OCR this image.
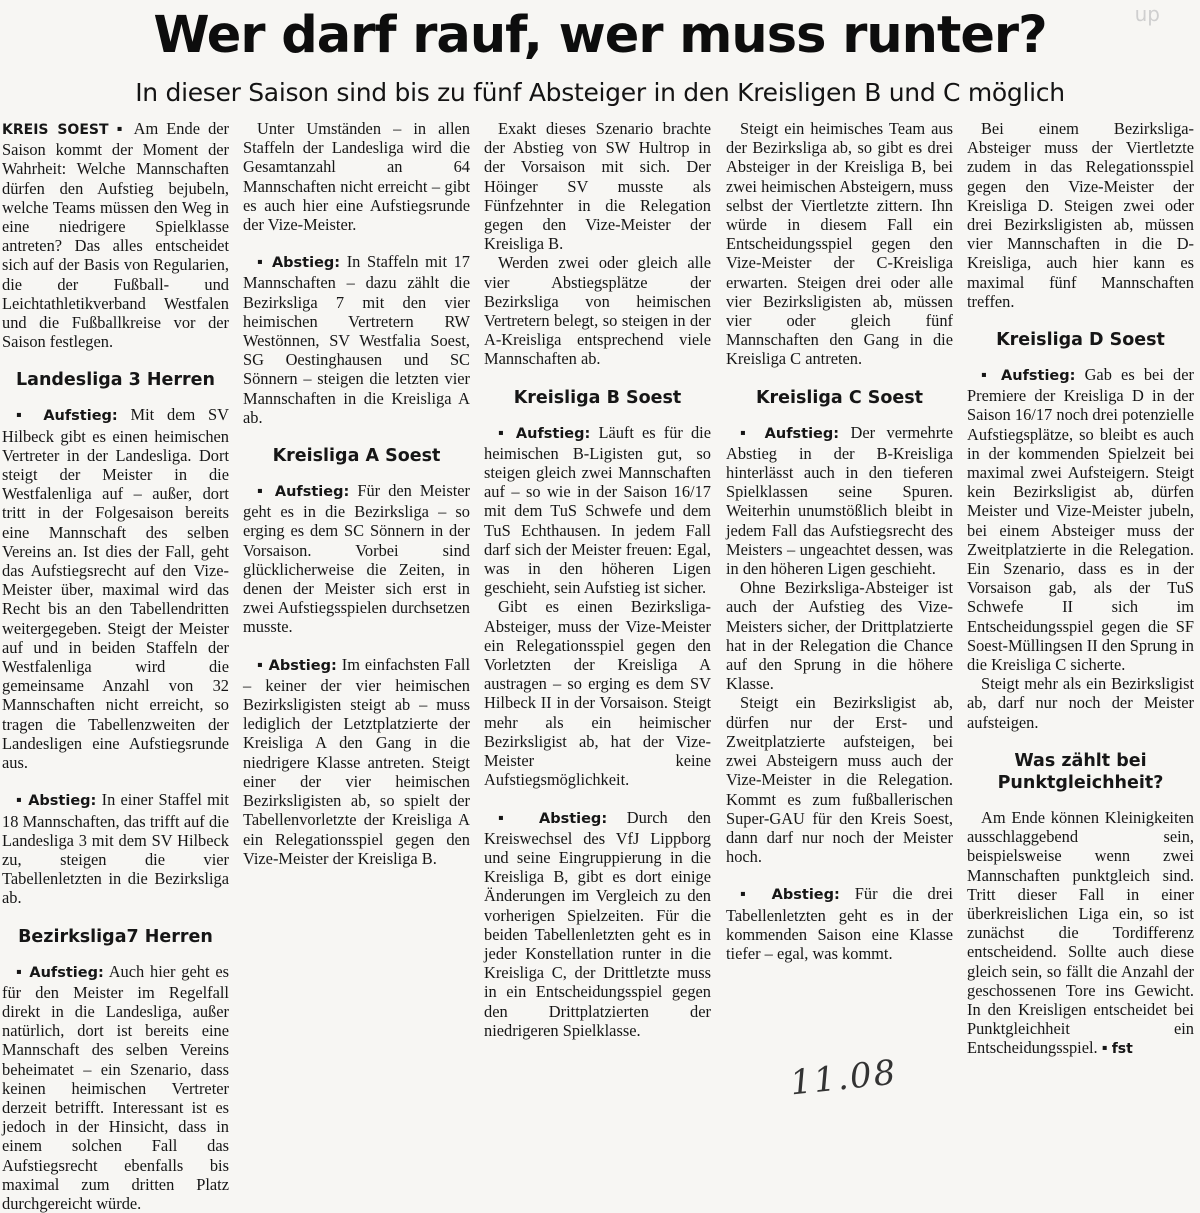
up
Wer darf rauf, wer muss runter?
In dieser Saison sind bis zu fünf Absteiger in den Kreisligen B und C möglich

KREIS SOEST ▪ Am Ende der Saison kommt der Moment der Wahrheit: Welche Mannschaften dürfen den Aufstieg bejubeln, welche Teams müssen den Weg in eine niedrigere Spielklasse antreten? Das alles entscheidet sich auf der Basis von Regularien, die der Fußball- und Leichtathletikverband Westfalen und die Fußballkreise vor der Saison festlegen.

Landesliga 3 Herren

▪ Aufstieg: Mit dem SV Hilbeck gibt es einen heimischen Vertreter in der Landesliga. Dort steigt der Meister in die Westfalenliga auf – außer, dort tritt in der Folgesaison bereits eine Mannschaft des selben Vereins an. Ist dies der Fall, geht das Aufstiegsrecht auf den Vize-Meister über, maximal wird das Recht bis an den Tabellendritten weitergegeben. Steigt der Meister auf und in beiden Staffeln der Westfalenliga wird die gemeinsame Anzahl von 32 Mannschaften nicht erreicht, so tragen die Tabellenzweiten der Landesligen eine Aufstiegsrunde aus.

▪ Abstieg: In einer Staffel mit 18 Mannschaften, das trifft auf die Landesliga 3 mit dem SV Hilbeck zu, steigen die vier Tabellenletzten in die Bezirksliga ab.

Bezirksliga7 Herren

▪ Aufstieg: Auch hier geht es für den Meister im Regelfall direkt in die Landesliga, außer natürlich, dort ist bereits eine Mannschaft des selben Vereins beheimatet – ein Szenario, dass keinen heimischen Vertreter derzeit betrifft. Interessant ist es jedoch in der Hinsicht, dass in einem solchen Fall das Aufstiegsrecht ebenfalls bis maximal zum dritten Platz durchgereicht würde.

Unter Umständen – in allen Staffeln der Landesliga wird die Gesamtanzahl an 64 Mannschaften nicht erreicht – gibt es auch hier eine Aufstiegsrunde der Vize-Meister.

▪ Abstieg: In Staffeln mit 17 Mannschaften – dazu zählt die Bezirksliga 7 mit den vier heimischen Vertretern RW Westönnen, SV Westfalia Soest, SG Oestinghausen und SC Sönnern – steigen die letzten vier Mannschaften in die Kreisliga A ab.

Kreisliga A Soest

▪ Aufstieg: Für den Meister geht es in die Bezirksliga – so erging es dem SC Sönnern in der Vorsaison. Vorbei sind glücklicherweise die Zeiten, in denen der Meister sich erst in zwei Aufstiegsspielen durchsetzen musste.

▪ Abstieg: Im einfachsten Fall – keiner der vier heimischen Bezirksligisten steigt ab – muss lediglich der Letztplatzierte der Kreisliga A den Gang in die niedrigere Klasse antreten. Steigt einer der vier heimischen Bezirksligisten ab, so spielt der Tabellenvorletzte der Kreisliga A ein Relegationsspiel gegen den Vize-Meister der Kreisliga B.

Exakt dieses Szenario brachte der Abstieg von SW Hultrop in der Vorsaison mit sich. Der Höinger SV musste als Fünfzehnter in die Relegation gegen den Vize-Meister der Kreisliga B.

Werden zwei oder gleich alle vier Abstiegsplätze der Bezirksliga von heimischen Vertretern belegt, so steigen in der A-Kreisliga entsprechend viele Mannschaften ab.

Kreisliga B Soest

▪ Aufstieg: Läuft es für die heimischen B-Ligisten gut, so steigen gleich zwei Mannschaften auf – so wie in der Saison 16/17 mit dem TuS Schwefe und dem TuS Echthausen. In jedem Fall darf sich der Meister freuen: Egal, was in den höheren Ligen geschieht, sein Aufstieg ist sicher.

Gibt es einen Bezirksliga-Absteiger, muss der Vize-Meister ein Relegationsspiel gegen den Vorletzten der Kreisliga A austragen – so erging es dem SV Hilbeck II in der Vorsaison. Steigt mehr als ein heimischer Bezirksligist ab, hat der Vize-Meister keine Aufstiegsmöglichkeit.

▪ Abstieg: Durch den Kreiswechsel des VfJ Lippborg und seine Eingruppierung in die Kreisliga B, gibt es dort einige Änderungen im Vergleich zu den vorherigen Spielzeiten. Für die beiden Tabellenletzten geht es in jeder Konstellation runter in die Kreisliga C, der Drittletzte muss in ein Entscheidungsspiel gegen den Drittplatzierten der niedrigeren Spielklasse.

Steigt ein heimisches Team aus der Bezirksliga ab, so gibt es drei Absteiger in der Kreisliga B, bei zwei heimischen Absteigern, muss selbst der Viertletzte zittern. Ihn würde in diesem Fall ein Entscheidungsspiel gegen den Vize-Meister der C-Kreisliga erwarten. Steigen drei oder alle vier Bezirksligisten ab, müssen vier oder gleich fünf Mannschaften den Gang in die Kreisliga C antreten.

Kreisliga C Soest

▪ Aufstieg: Der vermehrte Abstieg in der B-Kreisliga hinterlässt auch in den tieferen Spielklassen seine Spuren. Weiterhin unumstößlich bleibt in jedem Fall das Aufstiegsrecht des Meisters – ungeachtet dessen, was in den höheren Ligen geschieht.

Ohne Bezirksliga-Absteiger ist auch der Aufstieg des Vize-Meisters sicher, der Drittplatzierte hat in der Relegation die Chance auf den Sprung in die höhere Klasse.

Steigt ein Bezirksligist ab, dürfen nur der Erst- und Zweitplatzierte aufsteigen, bei zwei Absteigern muss auch der Vize-Meister in die Relegation. Kommt es zum fußballerischen Super-GAU für den Kreis Soest, dann darf nur noch der Meister hoch.

▪ Abstieg: Für die drei Tabellenletzten geht es in der kommenden Saison eine Klasse tiefer – egal, was kommt.

Bei einem Bezirksliga-Absteiger muss der Viertletzte zudem in das Relegationsspiel gegen den Vize-Meister der Kreisliga D. Steigen zwei oder drei Bezirksligisten ab, müssen vier Mannschaften in die D-Kreisliga, auch hier kann es maximal fünf Mannschaften treffen.

Kreisliga D Soest

▪ Aufstieg: Gab es bei der Premiere der Kreisliga D in der Saison 16/17 noch drei potenzielle Aufstiegsplätze, so bleibt es auch in der kommenden Spielzeit bei maximal zwei Aufsteigern. Steigt kein Bezirksligist ab, dürfen Meister und Vize-Meister jubeln, bei einem Absteiger muss der Zweitplatzierte in die Relegation. Ein Szenario, dass es in der Vorsaison gab, als der TuS Schwefe II sich im Entscheidungsspiel gegen die SF Soest-Müllingsen II den Sprung in die Kreisliga C sicherte.

Steigt mehr als ein Bezirksligist ab, darf nur noch der Meister aufsteigen.

Was zählt bei Punktgleichheit?

Am Ende können Kleinigkeiten ausschlaggebend sein, beispielsweise wenn zwei Mannschaften punktgleich sind. Tritt dieser Fall in einer überkreislichen Liga ein, so ist zunächst die Tordifferenz entscheidend. Sollte auch diese gleich sein, so fällt die Anzahl der geschossenen Tore ins Gewicht. In den Kreisligen entscheidet bei Punktgleichheit ein Entscheidungsspiel. ▪ fst

11.08
